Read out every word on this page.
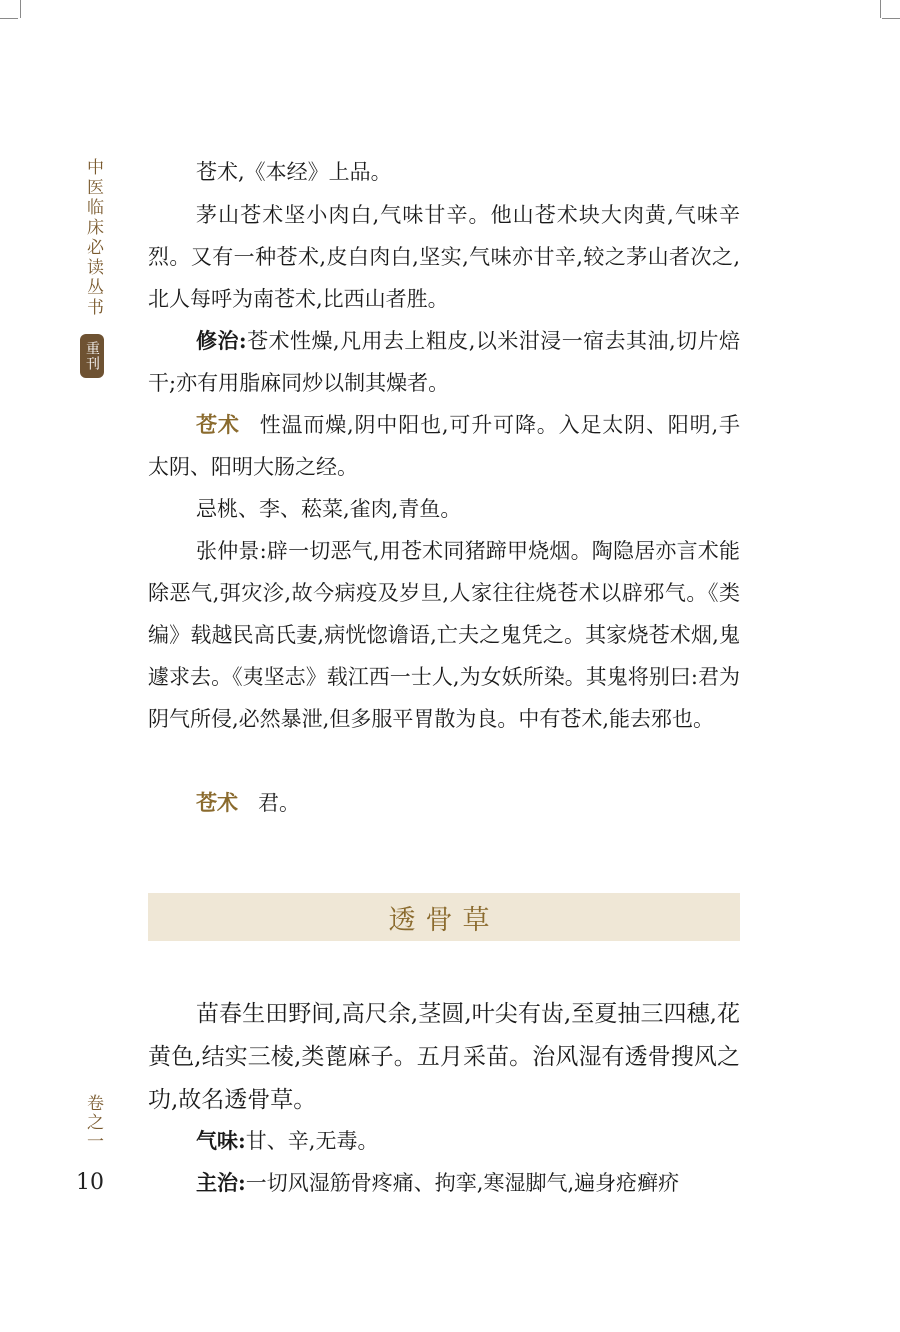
中医临床必读丛书
重刊
卷之一
10

苍术,《本经》上品。

茅山苍术坚小肉白,气味甘辛。他山苍术块大肉黄,气味辛烈。又有一种苍术,皮白肉白,坚实,气味亦甘辛,较之茅山者次之,北人每呼为南苍术,比西山者胜。

修治:苍术性燥,凡用去上粗皮,以米泔浸一宿去其油,切片焙干;亦有用脂麻同炒以制其燥者。

苍术 性温而燥,阴中阳也,可升可降。入足太阴、阳明,手太阴、阳明大肠之经。

忌桃、李、菘菜,雀肉,青鱼。

张仲景:辟一切恶气,用苍术同猪蹄甲烧烟。陶隐居亦言术能除恶气,弭灾沴,故今病疫及岁旦,人家往往烧苍术以辟邪气。《类编》载越民高氏妻,病恍惚谵语,亡夫之鬼凭之。其家烧苍术烟,鬼遽求去。《夷坚志》载江西一士人,为女妖所染。其鬼将别曰:君为阴气所侵,必然暴泄,但多服平胃散为良。中有苍术,能去邪也。

苍术 君。

透骨草

苗春生田野间,高尺余,茎圆,叶尖有齿,至夏抽三四穗,花黄色,结实三棱,类蓖麻子。五月采苗。治风湿有透骨搜风之功,故名透骨草。

气味:甘、辛,无毒。

主治:一切风湿筋骨疼痛、拘挛,寒湿脚气,遍身疮癣疥
